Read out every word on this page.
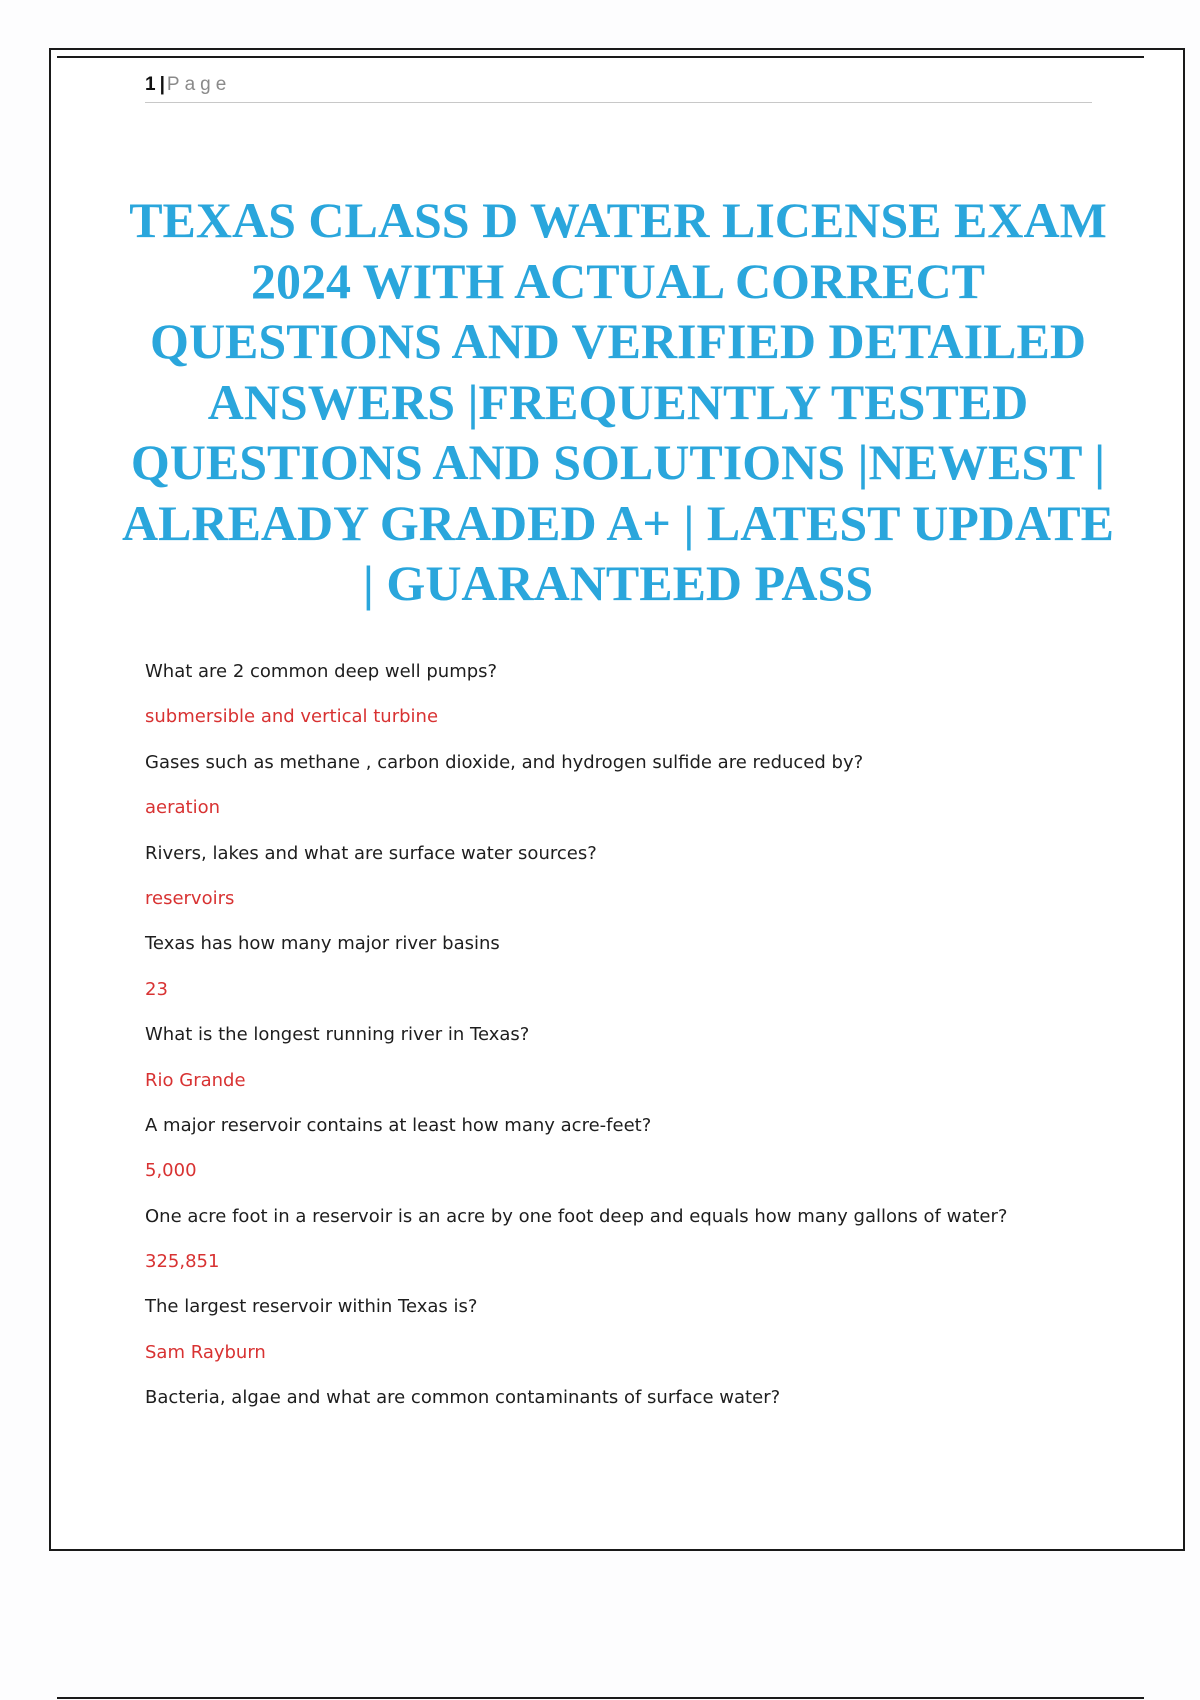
1 | Page
TEXAS CLASS D WATER LICENSE EXAM 2024 WITH ACTUAL CORRECT QUESTIONS AND VERIFIED DETAILED ANSWERS |FREQUENTLY TESTED QUESTIONS AND SOLUTIONS |NEWEST | ALREADY GRADED A+ | LATEST UPDATE | GUARANTEED PASS
What are 2 common deep well pumps?
submersible and vertical turbine
Gases such as methane , carbon dioxide, and hydrogen sulfide are reduced by?
aeration
Rivers, lakes and what are surface water sources?
reservoirs
Texas has how many major river basins
23
What is the longest running river in Texas?
Rio Grande
A major reservoir contains at least how many acre-feet?
5,000
One acre foot in a reservoir is an acre by one foot deep and equals how many gallons of water?
325,851
The largest reservoir within Texas is?
Sam Rayburn
Bacteria, algae and what are common contaminants of surface water?
